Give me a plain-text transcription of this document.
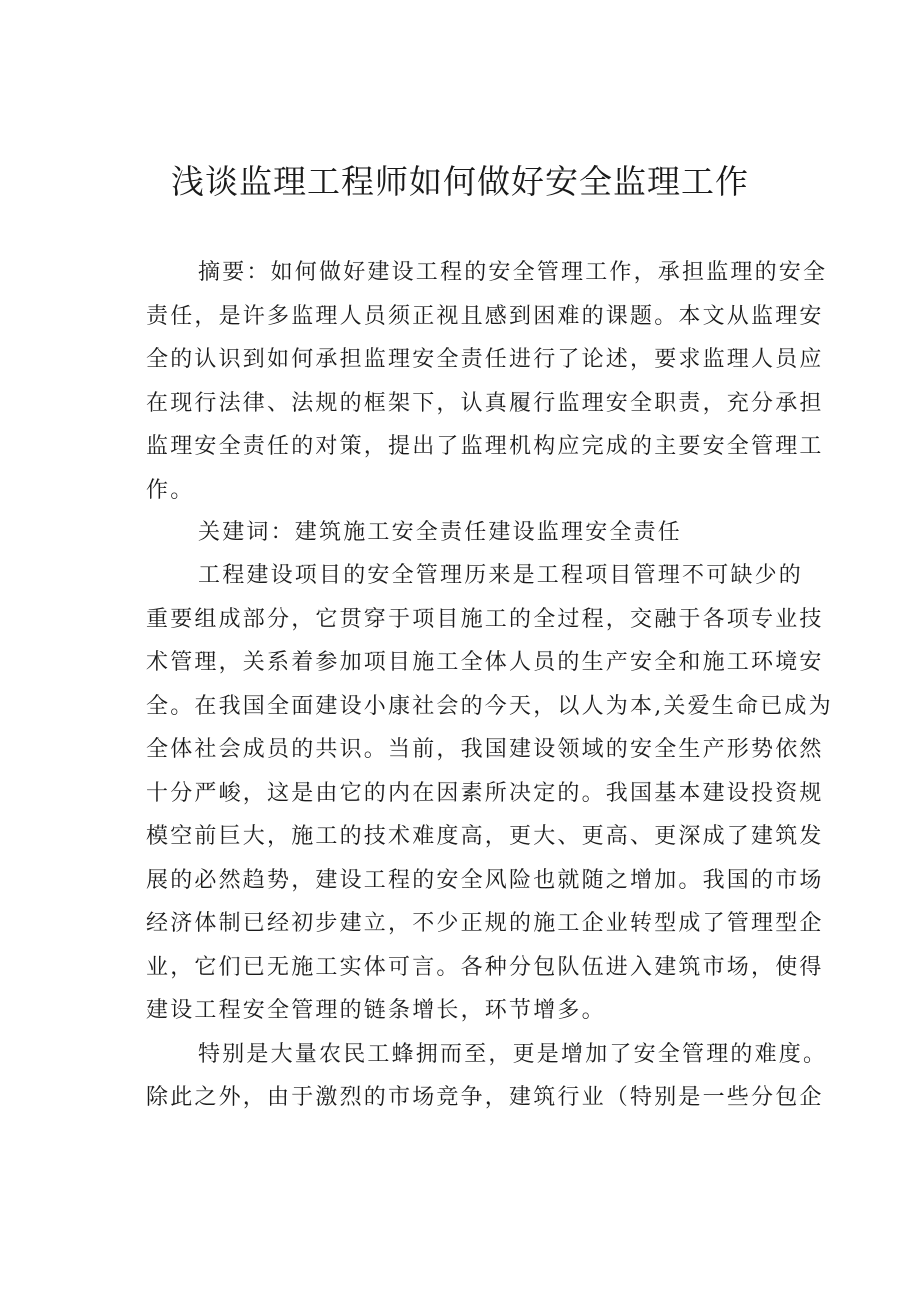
浅谈监理工程师如何做好安全监理工作

摘要：如何做好建设工程的安全管理工作，承担监理的安全

责任，是许多监理人员须正视且感到困难的课题。本文从监理安

全的认识到如何承担监理安全责任进行了论述，要求监理人员应

在现行法律、法规的框架下，认真履行监理安全职责，充分承担

监理安全责任的对策，提出了监理机构应完成的主要安全管理工

作。

关建词：建筑施工安全责任建设监理安全责任

工程建设项目的安全管理历来是工程项目管理不可缺少的

重要组成部分，它贯穿于项目施工的全过程，交融于各项专业技

术管理，关系着参加项目施工全体人员的生产安全和施工环境安

全。在我国全面建设小康社会的今天，以人为本,关爱生命已成为

全体社会成员的共识。当前，我国建设领域的安全生产形势依然

十分严峻，这是由它的内在因素所决定的。我国基本建设投资规

模空前巨大，施工的技术难度高，更大、更高、更深成了建筑发

展的必然趋势，建设工程的安全风险也就随之增加。我国的市场

经济体制已经初步建立，不少正规的施工企业转型成了管理型企

业，它们已无施工实体可言。各种分包队伍进入建筑市场，使得

建设工程安全管理的链条增长，环节增多。

特别是大量农民工蜂拥而至，更是增加了安全管理的难度。

除此之外，由于激烈的市场竞争，建筑行业（特别是一些分包企
